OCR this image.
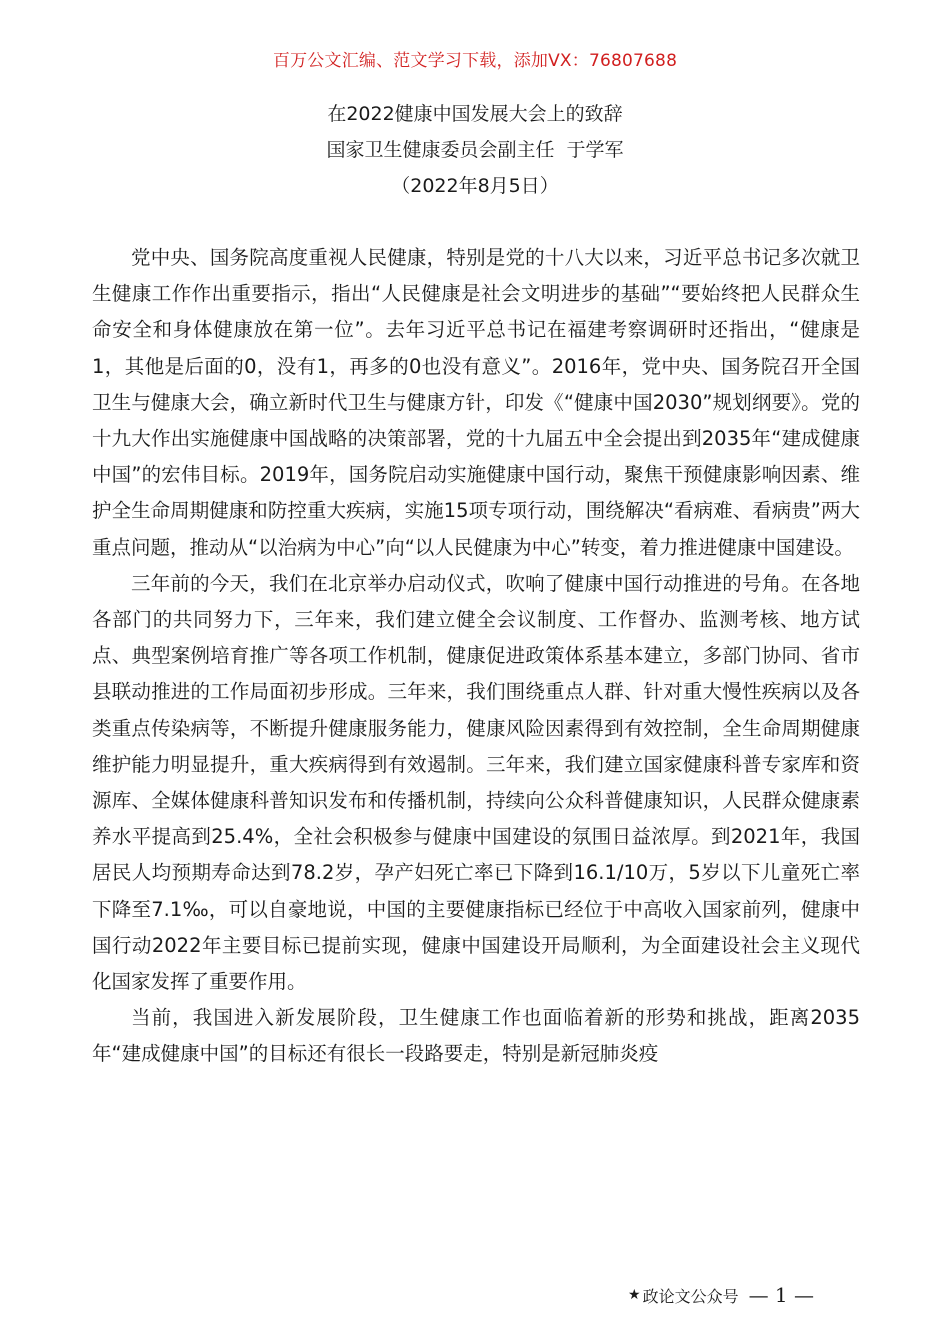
百万公文汇编、范文学习下载，添加VX：76807688
在2022健康中国发展大会上的致辞
国家卫生健康委员会副主任  于学军
（2022年8月5日）

党中央、国务院高度重视人民健康，特别是党的十八大以来，习近平总书记多次就卫生健康工作作出重要指示，指出“人民健康是社会文明进步的基础”“要始终把人民群众生命安全和身体健康放在第一位”。去年习近平总书记在福建考察调研时还指出，“健康是1，其他是后面的0，没有1，再多的0也没有意义”。2016年，党中央、国务院召开全国卫生与健康大会，确立新时代卫生与健康方针，印发《“健康中国2030”规划纲要》。党的十九大作出实施健康中国战略的决策部署，党的十九届五中全会提出到2035年“建成健康中国”的宏伟目标。2019年，国务院启动实施健康中国行动，聚焦干预健康影响因素、维护全生命周期健康和防控重大疾病，实施15项专项行动，围绕解决“看病难、看病贵”两大重点问题，推动从“以治病为中心”向“以人民健康为中心”转变，着力推进健康中国建设。

三年前的今天，我们在北京举办启动仪式，吹响了健康中国行动推进的号角。在各地各部门的共同努力下，三年来，我们建立健全会议制度、工作督办、监测考核、地方试点、典型案例培育推广等各项工作机制，健康促进政策体系基本建立，多部门协同、省市县联动推进的工作局面初步形成。三年来，我们围绕重点人群、针对重大慢性疾病以及各类重点传染病等，不断提升健康服务能力，健康风险因素得到有效控制，全生命周期健康维护能力明显提升，重大疾病得到有效遏制。三年来，我们建立国家健康科普专家库和资源库、全媒体健康科普知识发布和传播机制，持续向公众科普健康知识，人民群众健康素养水平提高到25.4%，全社会积极参与健康中国建设的氛围日益浓厚。到2021年，我国居民人均预期寿命达到78.2岁，孕产妇死亡率已下降到16.1/10万，5岁以下儿童死亡率下降至7.1‰，可以自豪地说，中国的主要健康指标已经位于中高收入国家前列，健康中国行动2022年主要目标已提前实现，健康中国建设开局顺利，为全面建设社会主义现代化国家发挥了重要作用。

当前，我国进入新发展阶段，卫生健康工作也面临着新的形势和挑战，距离2035年“建成健康中国”的目标还有很长一段路要走，特别是新冠肺炎疫

★ 政论文公众号 — 1 —
